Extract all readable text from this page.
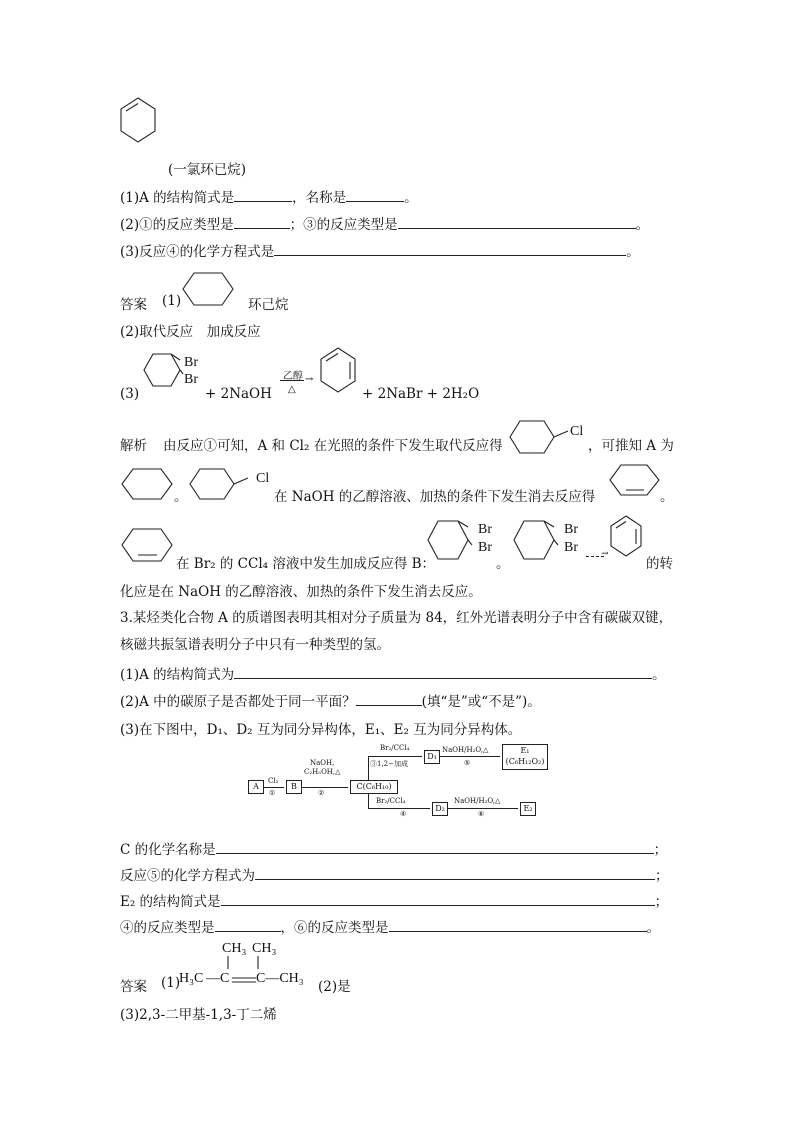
(一氯环已烷)
(1)A 的结构简式是	，名称是	。
(2)①的反应类型是	；③的反应类型是	。
(3)反应④的化学方程式是	。
答案 (1)	环己烷
(2)取代反应　加成反应
(3)
Br
Br
+ 2NaOH
乙醇
△
→
+ 2NaBr + 2H₂O
解析 由反应①可知，A 和 Cl₂ 在光照的条件下发生取代反应得
Cl
，可推知 A 为
。
Cl
在 NaOH 的乙醇溶液、加热的条件下发生消去反应得	。
在 Br₂ 的 CCl₄ 溶液中发生加成反应得 B：
Br
Br
。
Br
Br	→
的转
化应是在 NaOH 的乙醇溶液、加热的条件下发生消去反应。
3.某烃类化合物 A 的质谱图表明其相对分子质量为 84，红外光谱表明分子中含有碳碳双键，
核磁共振氢谱表明分子中只有一种类型的氢。
(1)A 的结构简式为	。
(2)A 中的碳原子是否都处于同一平面？	(填“是”或“不是”)。
(3)在下图中，D₁、D₂ 互为同分异构体，E₁、E₂ 互为同分异构体。
A
Cl₂
①
B
NaOH,
C₂H₅OH,△
②
C(C₆H₁₀)
Br₂/CCl₄
③1,2−加成
D₁
NaOH/H₂O,△
⑤
E₁
(C₆H₁₂O₂)
Br₂/CCl₄
④
D₂
NaOH/H₂O,△
⑥
E₂
C 的化学名称是	；
反应⑤的化学方程式为	；
E₂ 的结构简式是	；
④的反应类型是	，⑥的反应类型是	。
答案 (1)
CH₃ CH₃
H₃C —C C—CH₃
(2)是
(3)2,3-二甲基-1,3-丁二烯
